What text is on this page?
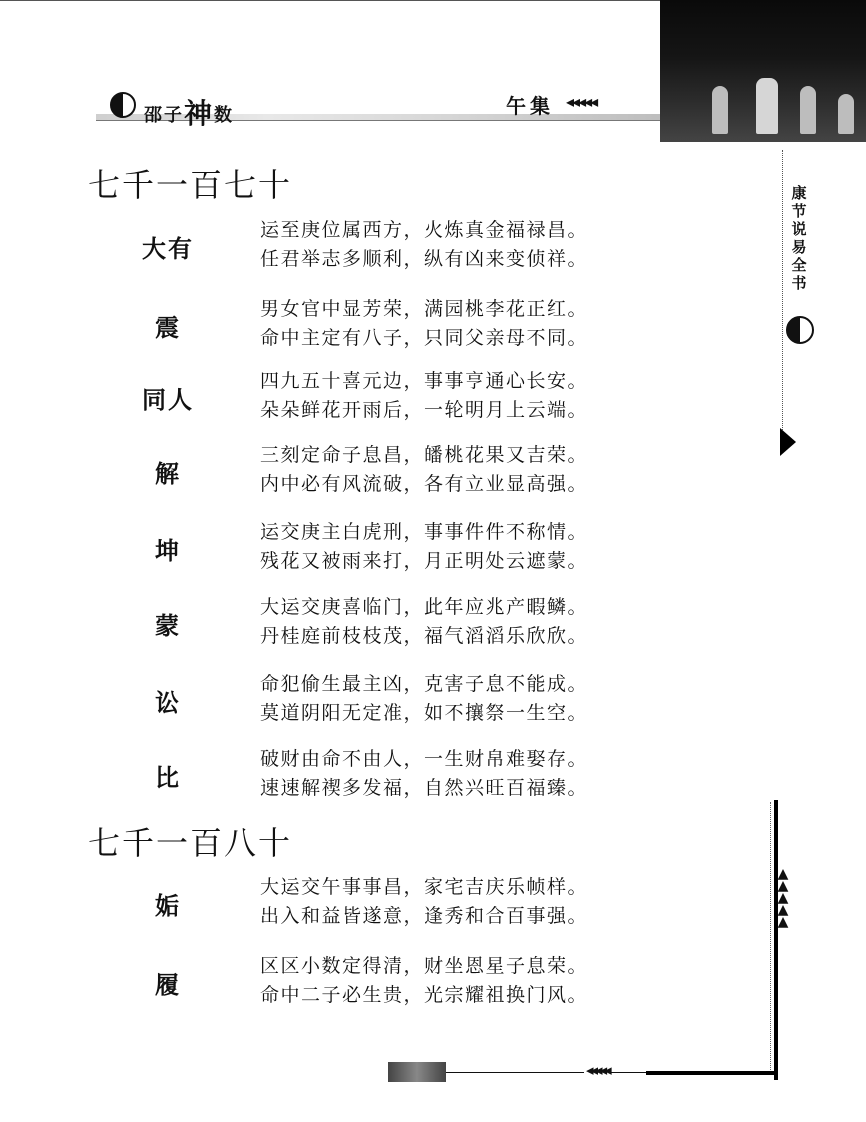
邵子神数	午集 ◂◂◂◂◂
康
节
说
易
全
书
▲
▲
▲
▲
▲
◂◂◂◂◂
七千一百七十
大有
运至庚位属西方，火炼真金福禄昌。
任君举志多顺利，纵有凶来变侦祥。
震
男女官中显芳荣，满园桃李花正红。
命中主定有八子，只同父亲母不同。
同人
四九五十喜元边，事事亨通心长安。
朵朵鲜花开雨后，一轮明月上云端。
解
三刻定命子息昌，皤桃花果又吉荣。
内中必有风流破，各有立业显高强。
坤
运交庚主白虎刑，事事件件不称情。
残花又被雨来打，月正明处云遮蒙。
蒙
大运交庚喜临门，此年应兆产暇鳞。
丹桂庭前枝枝茂，福气滔滔乐欣欣。
讼
命犯偷生最主凶，克害子息不能成。
莫道阴阳无定准，如不攘祭一生空。
比
破财由命不由人，一生财帛难娶存。
速速解禊多发福，自然兴旺百福臻。
七千一百八十
姤
大运交午事事昌，家宅吉庆乐帧样。
出入和益皆遂意，逢秀和合百事强。
履
区区小数定得清，财坐恩星子息荣。
命中二子必生贵，光宗耀祖换门风。
